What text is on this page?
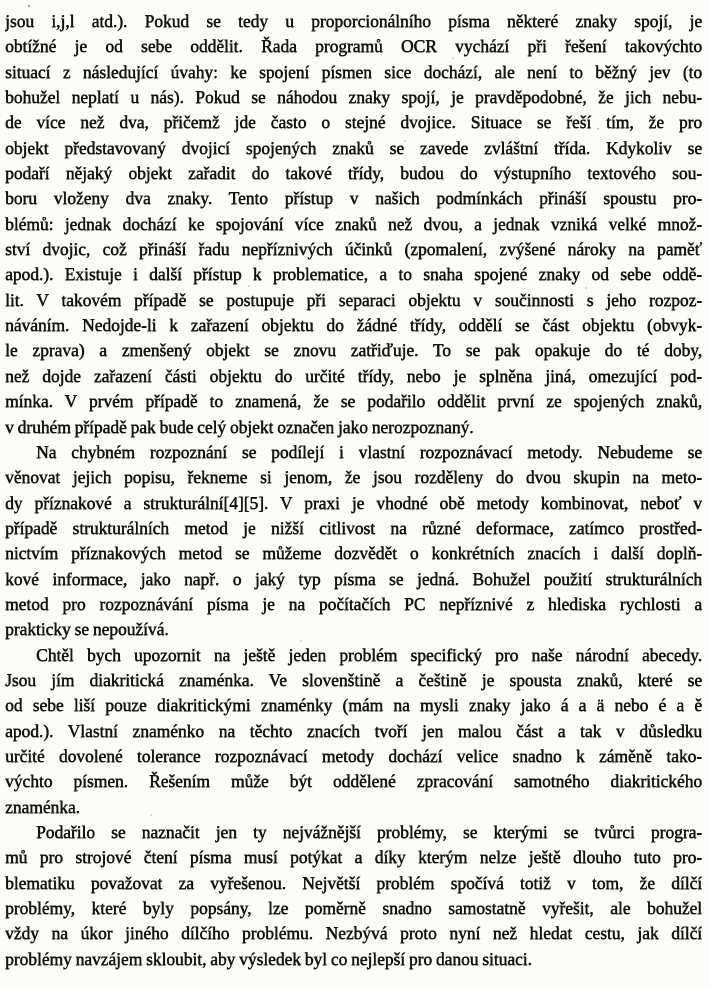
jsou i,j,l atd.). Pokud se tedy u proporcionálního písma některé znaky spojí, je
obtížné je od sebe oddělit. Řada programů OCR vychází při řešení takovýchto
situací z následující úvahy: ke spojení písmen sice dochází, ale není to běžný jev (to
bohužel neplatí u nás). Pokud se náhodou znaky spojí, je pravděpodobné, že jich nebu-
de více než dva, přičemž jde často o stejné dvojice. Situace se řeší tím, že pro
objekt představovaný dvojicí spojených znaků se zavede zvláštní třída. Kdykoliv se
podaří nějaký objekt zařadit do takové třídy, budou do výstupního textového sou-
boru vloženy dva znaky. Tento přístup v našich podmínkách přináší spoustu pro-
blémů: jednak dochází ke spojování více znaků než dvou, a jednak vzniká velké množ-
ství dvojic, což přináší řadu nepříznivých účinků (zpomalení, zvýšené nároky na paměť
apod.). Existuje i další přístup k problematice, a to snaha spojené znaky od sebe oddě-
lit. V takovém případě se postupuje při separaci objektu v součinnosti s jeho rozpoz-
náváním. Nedojde-li k zařazení objektu do žádné třídy, oddělí se část objektu (obvyk-
le zprava) a zmenšený objekt se znovu zatřiďuje. To se pak opakuje do té doby,
než dojde zařazení části objektu do určité třídy, nebo je splněna jiná, omezující pod-
mínka. V prvém případě to znamená, že se podařilo oddělit první ze spojených znaků,
v druhém případě pak bude celý objekt označen jako nerozpoznaný.
Na chybném rozpoznání se podílejí i vlastní rozpoznávací metody. Nebudeme se
věnovat jejich popisu, řekneme si jenom, že jsou rozděleny do dvou skupin na meto-
dy příznakové a strukturální[4][5]. V praxi je vhodné obě metody kombinovat, neboť v
případě strukturálních metod je nižší citlivost na různé deformace, zatímco prostřed-
nictvím příznakových metod se můžeme dozvědět o konkrétních znacích i další doplň-
kové informace, jako např. o jaký typ písma se jedná. Bohužel použití strukturálních
metod pro rozpoznávání písma je na počítačích PC nepříznivé z hlediska rychlosti a
prakticky se nepoužívá.
Chtěl bych upozornit na ještě jeden problém specifický pro naše národní abecedy.
Jsou jím diakritická znaménka. Ve slovenštině a češtině je spousta znaků, které se
od sebe liší pouze diakritickými znaménky (mám na mysli znaky jako á a ä nebo é a ě
apod.). Vlastní znaménko na těchto znacích tvoří jen malou část a tak v důsledku
určité dovolené tolerance rozpoznávací metody dochází velice snadno k záměně tako-
výchto písmen. Řešením může být oddělené zpracování samotného diakritického
znaménka.
Podařilo se naznačit jen ty nejvážnější problémy, se kterými se tvůrci progra-
mů pro strojové čtení písma musí potýkat a díky kterým nelze ještě dlouho tuto pro-
blematiku považovat za vyřešenou. Největší problém spočívá totiž v tom, že dílčí
problémy, které byly popsány, lze poměrně snadno samostatně vyřešit, ale bohužel
vždy na úkor jiného dílčího problému. Nezbývá proto nyní než hledat cestu, jak dílčí
problémy navzájem skloubit, aby výsledek byl co nejlepší pro danou situaci.
